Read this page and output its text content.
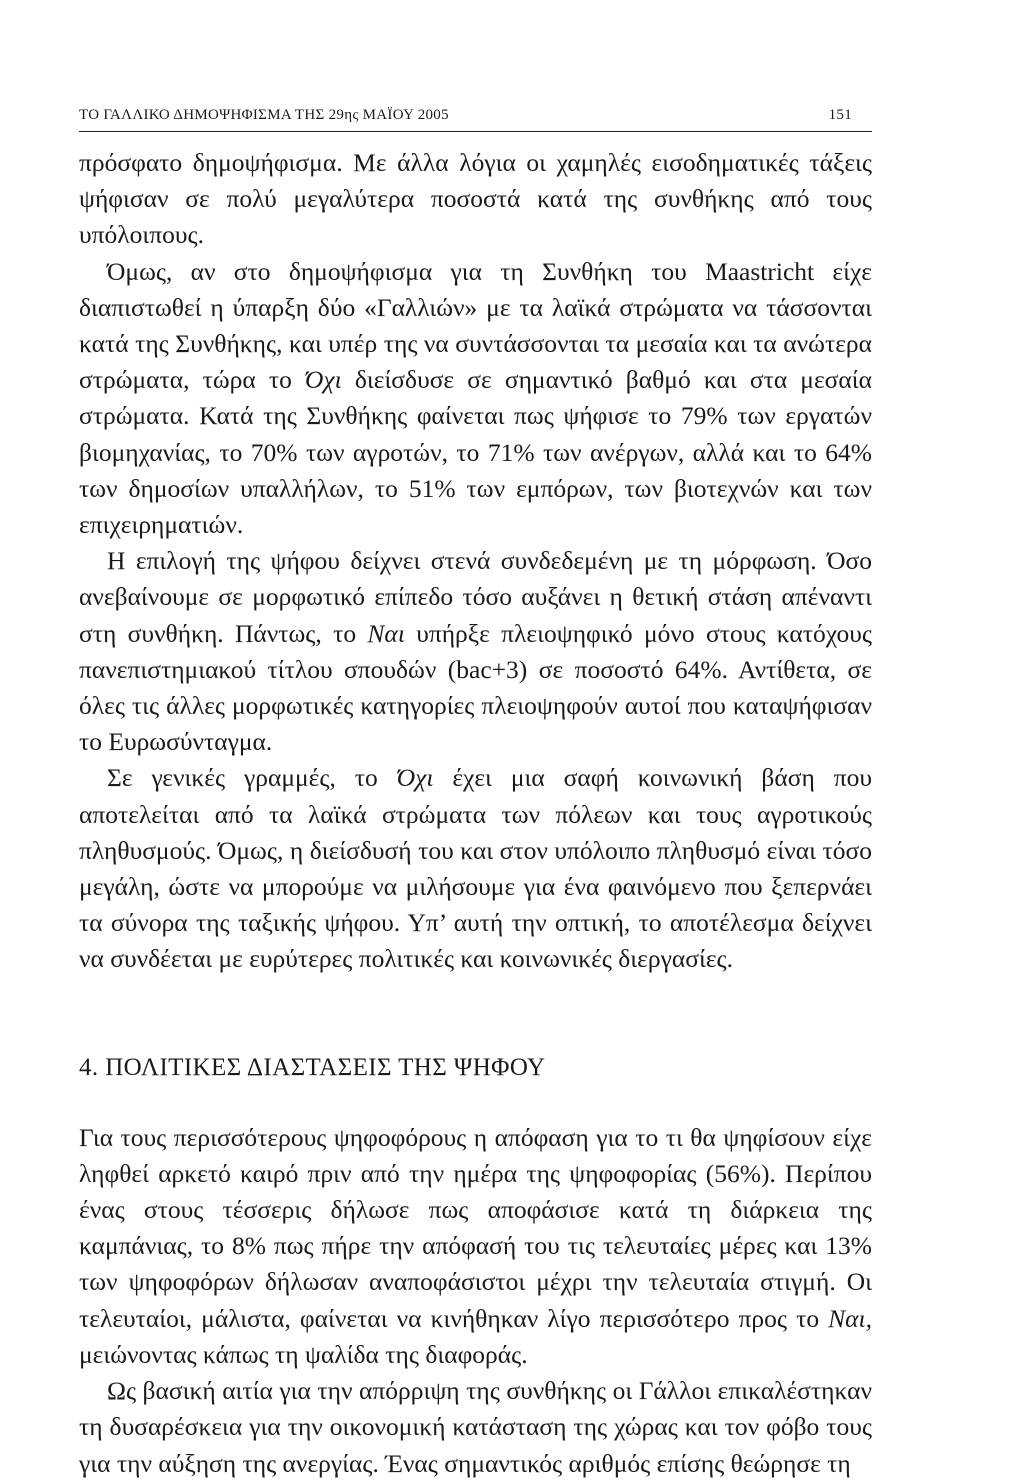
ΤΟ ΓΑΛΛΙΚΟ ΔΗΜΟΨΗΦΙΣΜΑ ΤΗΣ 29ης ΜΑΪΟΥ 2005	151

πρόσφατο δημοψήφισμα. Με άλλα λόγια οι χαμηλές εισοδηματικές τάξεις ψήφισαν σε πολύ μεγαλύτερα ποσοστά κατά της συνθήκης από τους υπόλοιπους.

Όμως, αν στο δημοψήφισμα για τη Συνθήκη του Maastricht είχε διαπιστωθεί η ύπαρξη δύο «Γαλλιών» με τα λαϊκά στρώματα να τάσσονται κατά της Συνθήκης, και υπέρ της να συντάσσονται τα μεσαία και τα ανώτερα στρώματα, τώρα το Όχι διείσδυσε σε σημαντικό βαθμό και στα μεσαία στρώματα. Κατά της Συνθήκης φαίνεται πως ψήφισε το 79% των εργατών βιομηχανίας, το 70% των αγροτών, το 71% των ανέργων, αλλά και το 64% των δημοσίων υπαλλήλων, το 51% των εμπόρων, των βιοτεχνών και των επιχειρηματιών.

Η επιλογή της ψήφου δείχνει στενά συνδεδεμένη με τη μόρφωση. Όσο ανεβαίνουμε σε μορφωτικό επίπεδο τόσο αυξάνει η θετική στάση απέναντι στη συνθήκη. Πάντως, το Ναι υπήρξε πλειοψηφικό μόνο στους κατόχους πανεπιστημιακού τίτλου σπουδών (bac+3) σε ποσοστό 64%. Αντίθετα, σε όλες τις άλλες μορφωτικές κατηγορίες πλειοψηφούν αυτοί που καταψήφισαν το Ευρωσύνταγμα.

Σε γενικές γραμμές, το Όχι έχει μια σαφή κοινωνική βάση που αποτελείται από τα λαϊκά στρώματα των πόλεων και τους αγροτικούς πληθυσμούς. Όμως, η διείσδυσή του και στον υπόλοιπο πληθυσμό είναι τόσο μεγάλη, ώστε να μπορούμε να μιλήσουμε για ένα φαινόμενο που ξεπερνάει τα σύνορα της ταξικής ψήφου. Υπ’ αυτή την οπτική, το αποτέλεσμα δείχνει να συνδέεται με ευρύτερες πολιτικές και κοινωνικές διεργασίες.

4. ΠΟΛΙΤΙΚΕΣ ΔΙΑΣΤΑΣΕΙΣ ΤΗΣ ΨΗΦΟΥ

Για τους περισσότερους ψηφοφόρους η απόφαση για το τι θα ψηφίσουν είχε ληφθεί αρκετό καιρό πριν από την ημέρα της ψηφοφορίας (56%). Περίπου ένας στους τέσσερις δήλωσε πως αποφάσισε κατά τη διάρκεια της καμπάνιας, το 8% πως πήρε την απόφασή του τις τελευταίες μέρες και 13% των ψηφοφόρων δήλωσαν αναποφάσιστοι μέχρι την τελευταία στιγμή. Οι τελευταίοι, μάλιστα, φαίνεται να κινήθηκαν λίγο περισσότερο προς το Ναι, μειώνοντας κάπως τη ψαλίδα της διαφοράς.

Ως βασική αιτία για την απόρριψη της συνθήκης οι Γάλλοι επικαλέστηκαν τη δυσαρέσκεια για την οικονομική κατάσταση της χώρας και τον φόβο τους για την αύξηση της ανεργίας. Ένας σημαντικός αριθμός επίσης θεώρησε τη
